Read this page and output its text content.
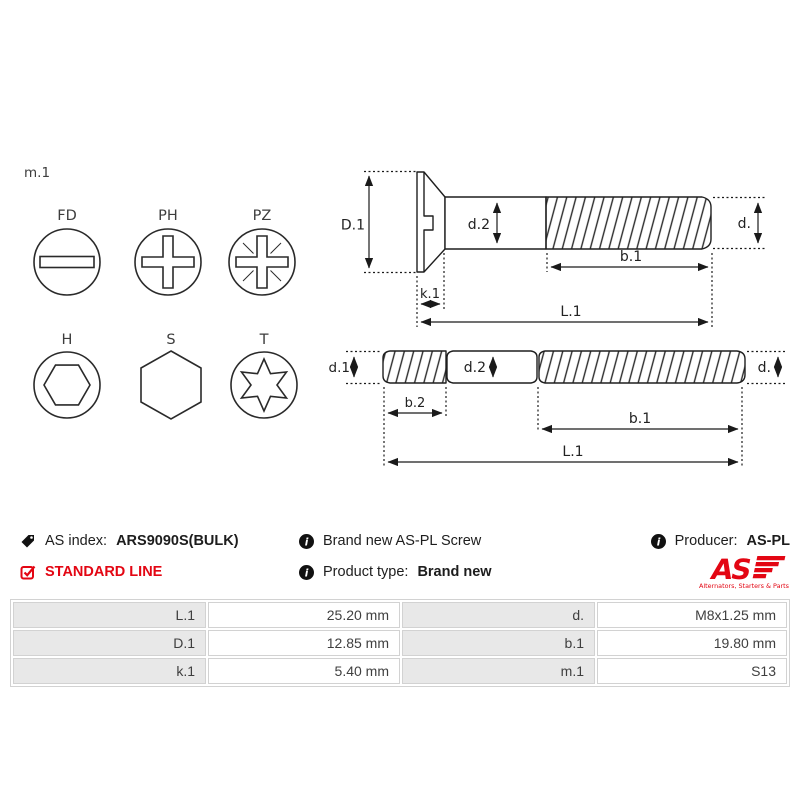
m.1
FD	PH	PZ
H	S	T
D.1	d.2	d.
k.1
b.1
L.1
d.1	d.2	d.
b.2
b.1
L.1
AS index: ARS9090S(BULK)
STANDARD LINE
i Brand new AS-PL Screw
i Product type: Brand new
i Producer: AS-PL
AS
Alternators, Starters & Parts
L.1	25.20 mm	d.	M8x1.25 mm
D.1	12.85 mm	b.1	19.80 mm
k.1	5.40 mm	m.1	S13
